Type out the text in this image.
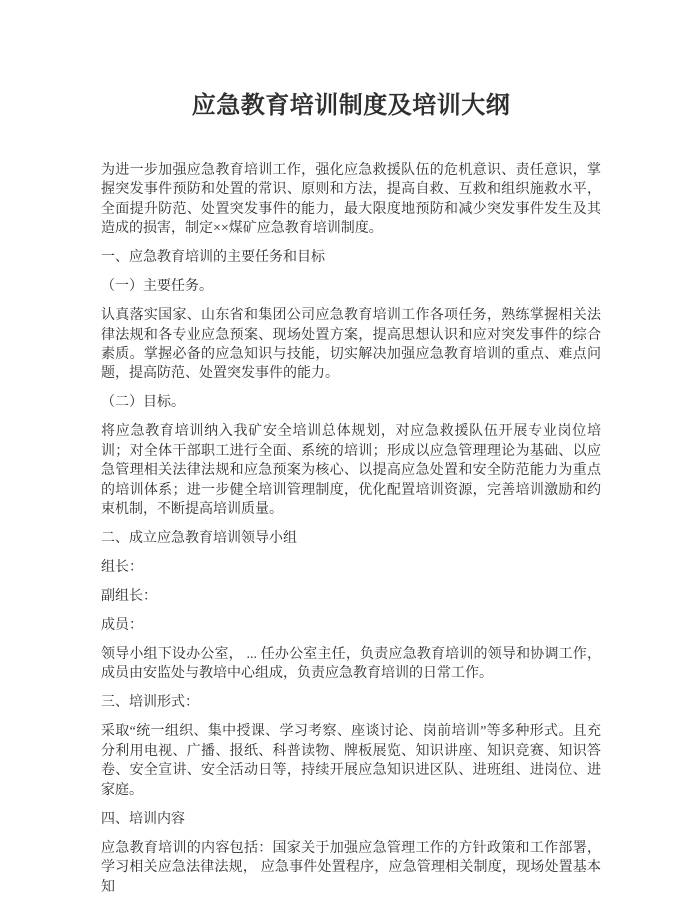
应急教育培训制度及培训大纲

为进一步加强应急教育培训工作，强化应急救援队伍的危机意识、责任意识，掌握突发事件预防和处置的常识、原则和方法，提高自救、互救和组织施救水平，全面提升防范、处置突发事件的能力，最大限度地预防和减少突发事件发生及其造成的损害，制定××煤矿应急教育培训制度。

一、应急教育培训的主要任务和目标

（一）主要任务。

认真落实国家、山东省和集团公司应急教育培训工作各项任务，熟练掌握相关法律法规和各专业应急预案、现场处置方案，提高思想认识和应对突发事件的综合素质。掌握必备的应急知识与技能，切实解决加强应急教育培训的重点、难点问题，提高防范、处置突发事件的能力。

（二）目标。

将应急教育培训纳入我矿安全培训总体规划，对应急救援队伍开展专业岗位培训；对全体干部职工进行全面、系统的培训；形成以应急管理理论为基础、以应急管理相关法律法规和应急预案为核心、以提高应急处置和安全防范能力为重点的培训体系；进一步健全培训管理制度，优化配置培训资源，完善培训激励和约束机制，不断提高培训质量。

二、成立应急教育培训领导小组

组长：

副组长：

成员：

领导小组下设办公室， ... 任办公室主任，负责应急教育培训的领导和协调工作，成员由安监处与教培中心组成，负责应急教育培训的日常工作。

三、培训形式：

采取“统一组织、集中授课、学习考察、座谈讨论、岗前培训”等多种形式。且充分利用电视、广播、报纸、科普读物、牌板展览、知识讲座、知识竞赛、知识答卷、安全宣讲、安全活动日等，持续开展应急知识进区队、进班组、进岗位、进家庭。

四、培训内容

应急教育培训的内容包括：国家关于加强应急管理工作的方针政策和工作部署，学习相关应急法律法规， 应急事件处置程序，应急管理相关制度，现场处置基本知
